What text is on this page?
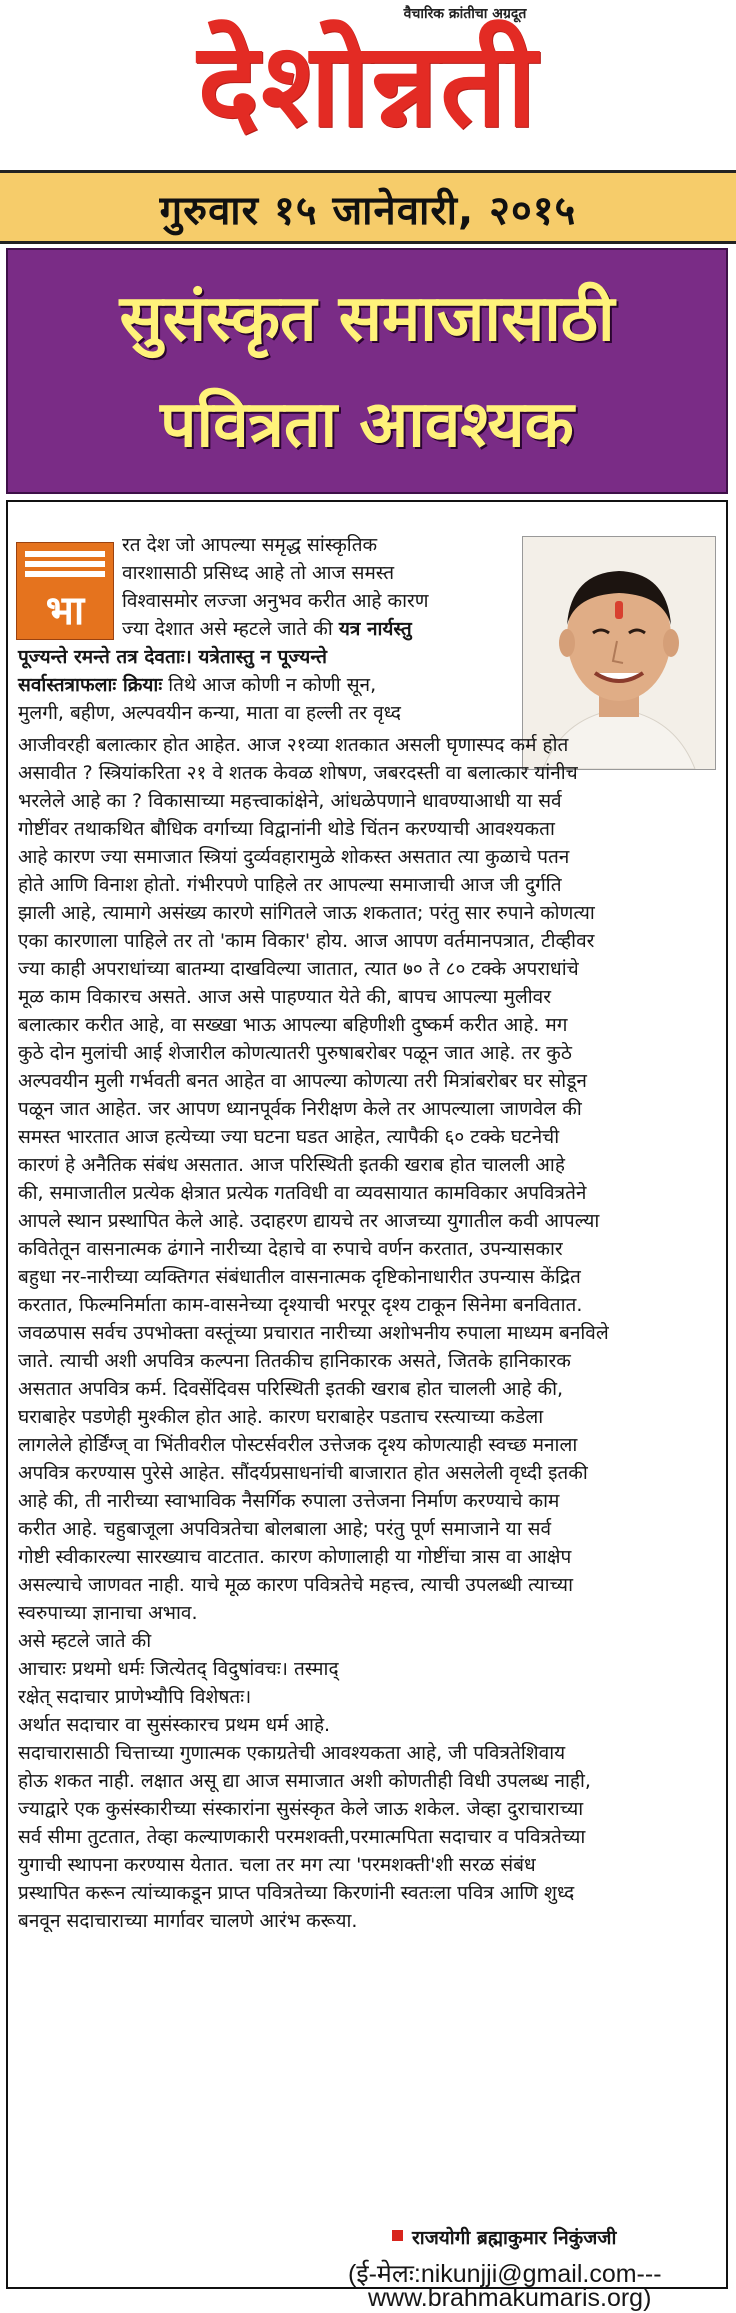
वैचारिक क्रांतीचा अग्रदूत
देशोन्नती
गुरुवार १५ जानेवारी, २०१५
सुसंस्कृत समाजासाठी
पवित्रता आवश्यक
भा
रत देश जो आपल्या समृद्ध सांस्कृतिक
वारशासाठी प्रसिध्द आहे तो आज समस्त
विश्वासमोर लज्जा अनुभव करीत आहे कारण
ज्या देशात असे म्हटले जाते की यत्र नार्यस्तु
पूज्यन्ते रमन्ते तत्र देवताः। यत्रेतास्तु न पूज्यन्ते
सर्वास्तत्राफलाः क्रियाः तिथे आज कोणी न कोणी सून,
मुलगी, बहीण, अल्पवयीन कन्या, माता वा हल्ली तर वृध्द
आजीवरही बलात्कार होत आहेत. आज २१व्या शतकात असली घृणास्पद कर्म होत
असावीत ? स्त्रियांकरिता २१ वे शतक केवळ शोषण, जबरदस्ती वा बलात्कार यांनीच
भरलेले आहे का ? विकासाच्या महत्त्वाकांक्षेने, आंधळेपणाने धावण्याआधी या सर्व
गोष्टींवर तथाकथित बौधिक वर्गाच्या विद्वानांनी थोडे चिंतन करण्याची आवश्यकता
आहे कारण ज्या समाजात स्त्रियां दुर्व्यवहारामुळे शोकस्त असतात त्या कुळाचे पतन
होते आणि विनाश होतो. गंभीरपणे पाहिले तर आपल्या समाजाची आज जी दुर्गति
झाली आहे, त्यामागे असंख्य कारणे सांगितले जाऊ शकतात; परंतु सार रुपाने कोणत्या
एका कारणाला पाहिले तर तो 'काम विकार' होय. आज आपण वर्तमानपत्रात, टीव्हीवर
ज्या काही अपराधांच्या बातम्या दाखविल्या जातात, त्यात ७० ते ८० टक्के अपराधांचे
मूळ काम विकारच असते. आज असे पाहण्यात येते की, बापच आपल्या मुलीवर
बलात्कार करीत आहे, वा सख्खा भाऊ आपल्या बहिणीशी दुष्कर्म करीत आहे. मग
कुठे दोन मुलांची आई शेजारील कोणत्यातरी पुरुषाबरोबर पळून जात आहे. तर कुठे
अल्पवयीन मुली गर्भवती बनत आहेत वा आपल्या कोणत्या तरी मित्रांबरोबर घर सोडून
पळून जात आहेत. जर आपण ध्यानपूर्वक निरीक्षण केले तर आपल्याला जाणवेल की
समस्त भारतात आज हत्येच्या ज्या घटना घडत आहेत, त्यापैकी ६० टक्के घटनेची
कारणं हे अनैतिक संबंध असतात. आज परिस्थिती इतकी खराब होत चालली आहे
की, समाजातील प्रत्येक क्षेत्रात प्रत्येक गतविधी वा व्यवसायात कामविकार अपवित्रतेने
आपले स्थान प्रस्थापित केले आहे. उदाहरण द्यायचे तर आजच्या युगातील कवी आपल्या
कवितेतून वासनात्मक ढंगाने नारीच्या देहाचे वा रुपाचे वर्णन करतात, उपन्यासकार
बहुधा नर-नारीच्या व्यक्तिगत संबंधातील वासनात्मक दृष्टिकोनाधारीत उपन्यास केंद्रित
करतात, फिल्मनिर्माता काम-वासनेच्या दृश्याची भरपूर दृश्य टाकून सिनेमा बनवितात.
जवळपास सर्वच उपभोक्ता वस्तूंच्या प्रचारात नारीच्या अशोभनीय रुपाला माध्यम बनविले
जाते. त्याची अशी अपवित्र कल्पना तितकीच हानिकारक असते, जितके हानिकारक
असतात अपवित्र कर्म. दिवसेंदिवस परिस्थिती इतकी खराब होत चालली आहे की,
घराबाहेर पडणेही मुश्कील होत आहे. कारण घराबाहेर पडताच रस्त्याच्या कडेला
लागलेले होर्डिंग्ज् वा भिंतीवरील पोस्टर्सवरील उत्तेजक दृश्य कोणत्याही स्वच्छ मनाला
अपवित्र करण्यास पुरेसे आहेत. सौंदर्यप्रसाधनांची बाजारात होत असलेली वृध्दी इतकी
आहे की, ती नारीच्या स्वाभाविक नैसर्गिक रुपाला उत्तेजना निर्माण करण्याचे काम
करीत आहे. चहुबाजूला अपवित्रतेचा बोलबाला आहे; परंतु पूर्ण समाजाने या सर्व
गोष्टी स्वीकारल्या सारख्याच वाटतात. कारण कोणालाही या गोष्टींचा त्रास वा आक्षेप
असल्याचे जाणवत नाही. याचे मूळ कारण पवित्रतेचे महत्त्व, त्याची उपलब्धी त्याच्या
स्वरुपाच्या ज्ञानाचा अभाव.
असे म्हटले जाते की
आचारः प्रथमो धर्मः जित्येतद् विदुषांवचः। तस्माद्
रक्षेत् सदाचार प्राणेभ्यौपि विशेषतः।
अर्थात सदाचार वा सुसंस्कारच प्रथम धर्म आहे.
सदाचारासाठी चित्ताच्या गुणात्मक एकाग्रतेची आवश्यकता आहे, जी पवित्रतेशिवाय
होऊ शकत नाही. लक्षात असू द्या आज समाजात अशी कोणतीही विधी उपलब्ध नाही,
ज्याद्वारे एक कुसंस्कारीच्या संस्कारांना सुसंस्कृत केले जाऊ शकेल. जेव्हा दुराचाराच्या
सर्व सीमा तुटतात, तेव्हा कल्याणकारी परमशक्ती,परमात्मपिता सदाचार व पवित्रतेच्या
युगाची स्थापना करण्यास येतात. चला तर मग त्या 'परमशक्ती'शी सरळ संबंध
प्रस्थापित करून त्यांच्याकडून प्राप्त पवित्रतेच्या किरणांनी स्वतःला पवित्र आणि शुध्द
बनवून सदाचाराच्या मार्गावर चालणे आरंभ करूया.
राजयोगी ब्रह्माकुमार निकुंजजी
(ई-मेलः:nikunjji@gmail.com---
www.brahmakumaris.org)
